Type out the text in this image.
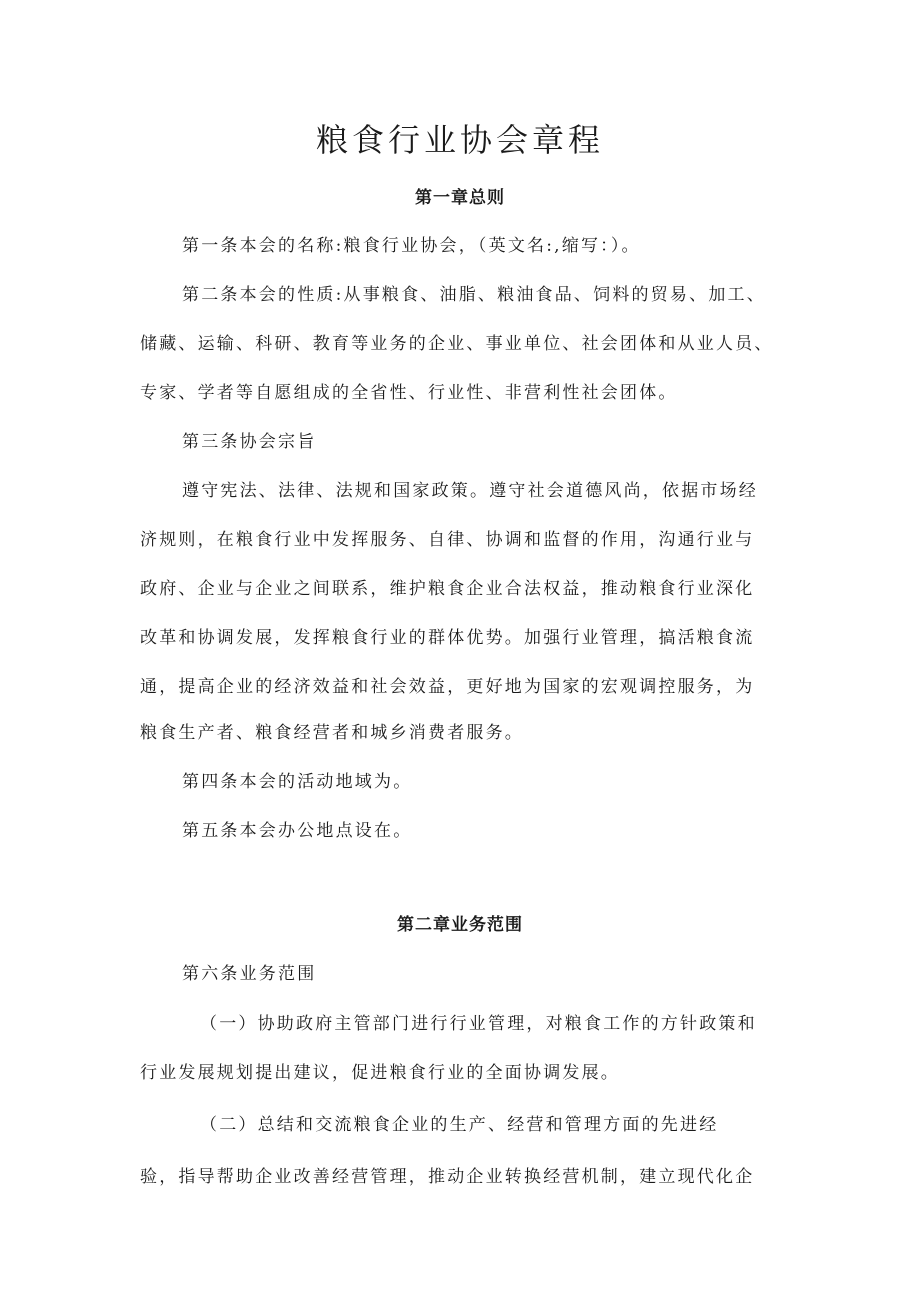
粮食行业协会章程
第一章总则
第一条本会的名称:粮食行业协会，（英文名:,缩写：）。
第二条本会的性质:从事粮食、油脂、粮油食品、饲料的贸易、加工、
储藏、运输、科研、教育等业务的企业、事业单位、社会团体和从业人员、
专家、学者等自愿组成的全省性、行业性、非营利性社会团体。
第三条协会宗旨
遵守宪法、法律、法规和国家政策。遵守社会道德风尚，依据市场经
济规则，在粮食行业中发挥服务、自律、协调和监督的作用，沟通行业与
政府、企业与企业之间联系，维护粮食企业合法权益，推动粮食行业深化
改革和协调发展，发挥粮食行业的群体优势。加强行业管理，搞活粮食流
通，提高企业的经济效益和社会效益，更好地为国家的宏观调控服务，为
粮食生产者、粮食经营者和城乡消费者服务。
第四条本会的活动地域为。
第五条本会办公地点设在。
第二章业务范围
第六条业务范围
（一）协助政府主管部门进行行业管理，对粮食工作的方针政策和
行业发展规划提出建议，促进粮食行业的全面协调发展。
（二）总结和交流粮食企业的生产、经营和管理方面的先进经
验，指导帮助企业改善经营管理，推动企业转换经营机制，建立现代化企
